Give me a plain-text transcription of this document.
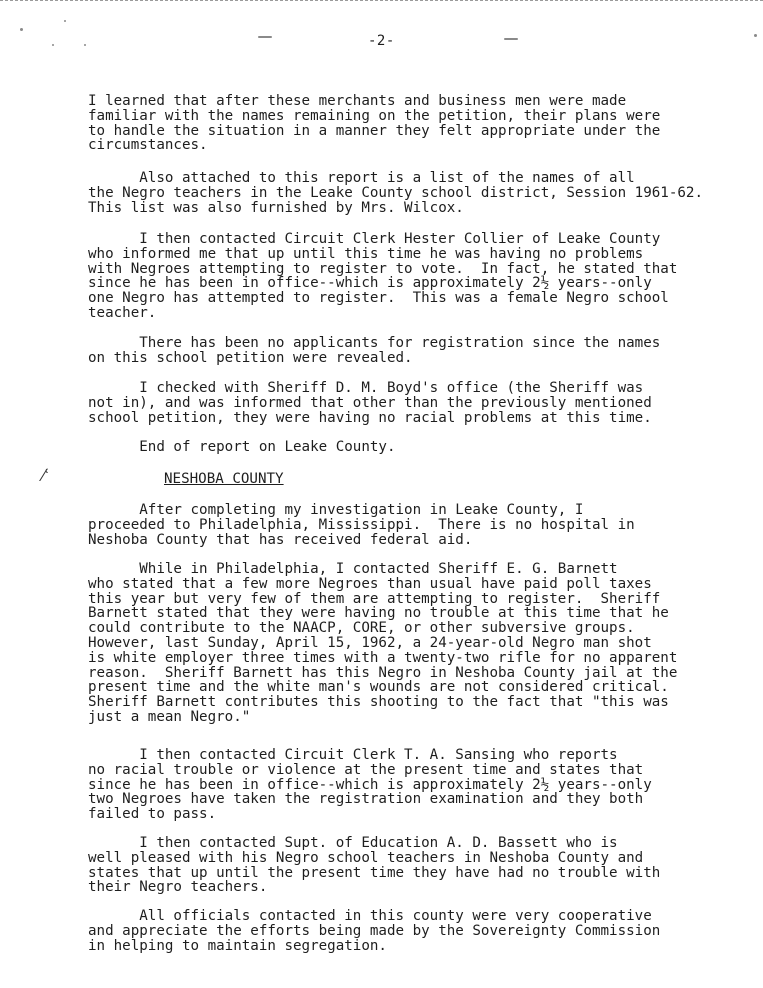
-2-
I learned that after these merchants and business men were made
familiar with the names remaining on the petition, their plans were
to handle the situation in a manner they felt appropriate under the
circumstances.
Also attached to this report is a list of the names of all
the Negro teachers in the Leake County school district, Session 1961-62.
This list was also furnished by Mrs. Wilcox.
I then contacted Circuit Clerk Hester Collier of Leake County
who informed me that up until this time he was having no problems
with Negroes attempting to register to vote.  In fact, he stated that
since he has been in office--which is approximately 2½ years--only
one Negro has attempted to register.  This was a female Negro school
teacher.
There has been no applicants for registration since the names
on this school petition were revealed.
I checked with Sheriff D. M. Boyd's office (the Sheriff was
not in), and was informed that other than the previously mentioned
school petition, they were having no racial problems at this time.
End of report on Leake County.
⁄ʿ	NESHOBA COUNTY
After completing my investigation in Leake County, I
proceeded to Philadelphia, Mississippi.  There is no hospital in
Neshoba County that has received federal aid.
While in Philadelphia, I contacted Sheriff E. G. Barnett
who stated that a few more Negroes than usual have paid poll taxes
this year but very few of them are attempting to register.  Sheriff
Barnett stated that they were having no trouble at this time that he
could contribute to the NAACP, CORE, or other subversive groups.
However, last Sunday, April 15, 1962, a 24-year-old Negro man shot
is white employer three times with a twenty-two rifle for no apparent
reason.  Sheriff Barnett has this Negro in Neshoba County jail at the
present time and the white man's wounds are not considered critical.
Sheriff Barnett contributes this shooting to the fact that "this was
just a mean Negro."
I then contacted Circuit Clerk T. A. Sansing who reports
no racial trouble or violence at the present time and states that
since he has been in office--which is approximately 2½ years--only
two Negroes have taken the registration examination and they both
failed to pass.
I then contacted Supt. of Education A. D. Bassett who is
well pleased with his Negro school teachers in Neshoba County and
states that up until the present time they have had no trouble with
their Negro teachers.
All officials contacted in this county were very cooperative
and appreciate the efforts being made by the Sovereignty Commission
in helping to maintain segregation.
